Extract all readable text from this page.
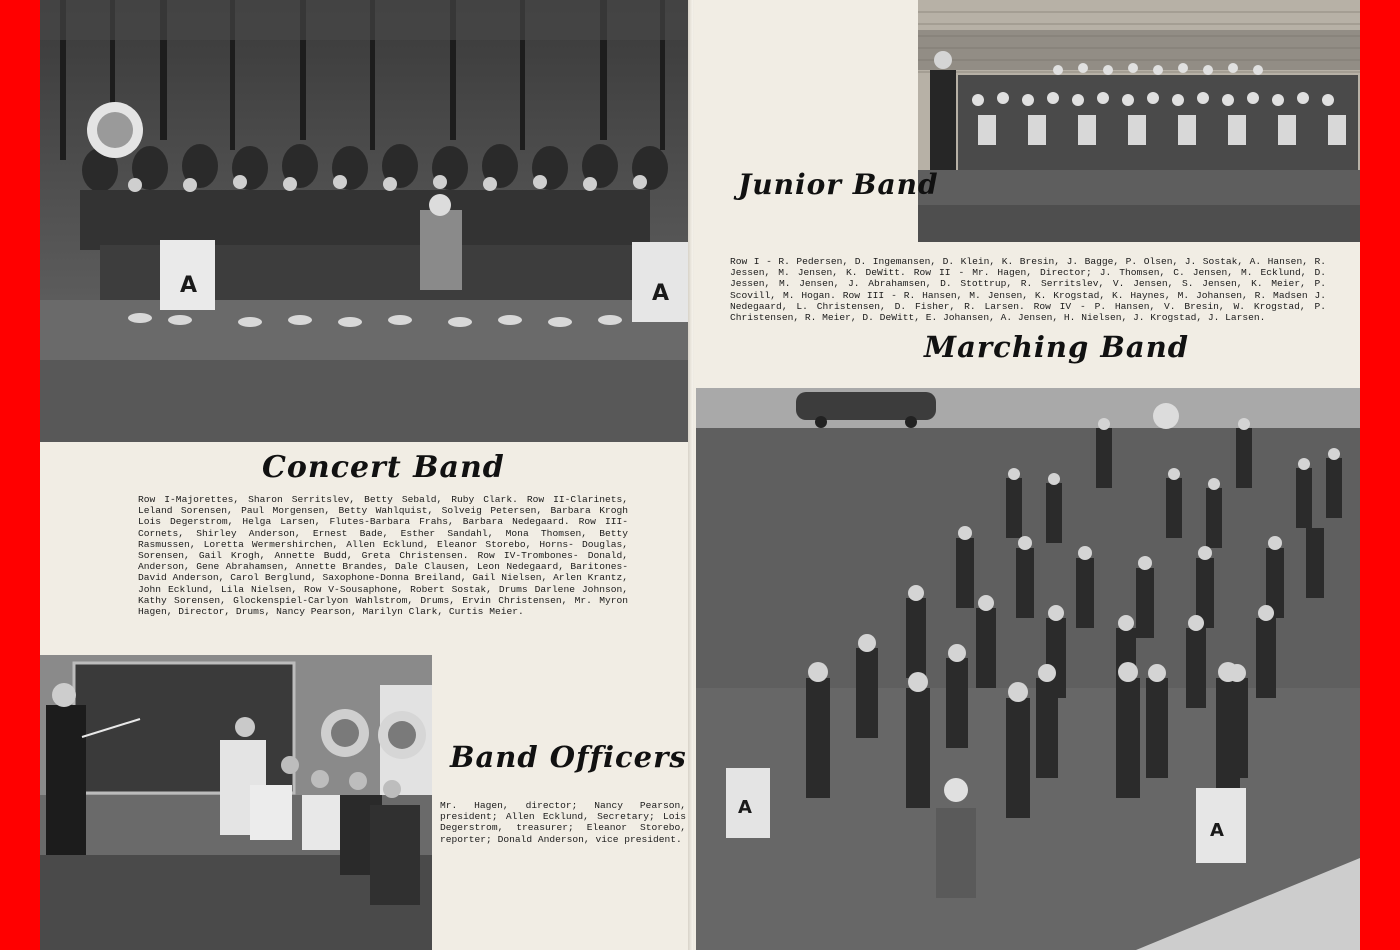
A	A
Concert Band

Row I-Majorettes, Sharon Serritslev, Betty Sebald, Ruby Clark. Row II-Clarinets, Leland Sorensen, Paul Morgensen, Betty Wahlquist, Solveig Petersen, Barbara Krogh Lois Degerstrom, Helga Larsen, Flutes-Barbara Frahs, Barbara Nedegaard. Row III-Cornets, Shirley Anderson, Ernest Bade, Esther Sandahl, Mona Thomsen, Betty Rasmussen, Loretta Wermershirchen, Allen Ecklund, Eleanor Storebo, Horns- Douglas, Sorensen, Gail Krogh, Annette Budd, Greta Christensen. Row IV-Trombones- Donald, Anderson, Gene Abrahamsen, Annette Brandes, Dale Clausen, Leon Nedegaard, Baritones-David Anderson, Carol Berglund, Saxophone-Donna Breiland, Gail Nielsen, Arlen Krantz, John Ecklund, Lila Nielsen, Row V-Sousaphone, Robert Sostak, Drums Darlene Johnson, Kathy Sorensen, Glockenspiel-Carlyon Wahlstrom, Drums, Ervin Christensen, Mr. Myron Hagen, Director, Drums, Nancy Pearson, Marilyn Clark, Curtis Meier.

Band Officers

Mr. Hagen, director; Nancy Pearson, president; Allen Ecklund, Secretary; Lois Degerstrom, treasurer; Eleanor Storebo, reporter; Donald Anderson, vice president.

Junior Band

Row I - R. Pedersen, D. Ingemansen, D. Klein, K. Bresin, J. Bagge, P. Olsen, J. Sostak, A. Hansen, R. Jessen, M. Jensen, K. DeWitt. Row II - Mr. Hagen, Director; J. Thomsen, C. Jensen, M. Ecklund, D. Jessen, M. Jensen, J. Abrahamsen, D. Stottrup, R. Serritslev, V. Jensen, S. Jensen, K. Meier, P. Scovill, M. Hogan. Row III - R. Hansen, M. Jensen, K. Krogstad, K. Haynes, M. Johansen, R. Madsen J. Nedegaard, L. Christensen, D. Fisher, R. Larsen. Row IV - P. Hansen, V. Bresin, W. Krogstad, P. Christensen, R. Meier, D. DeWitt, E. Johansen, A. Jensen, H. Nielsen, J. Krogstad, J. Larsen.

Marching Band
A
A
